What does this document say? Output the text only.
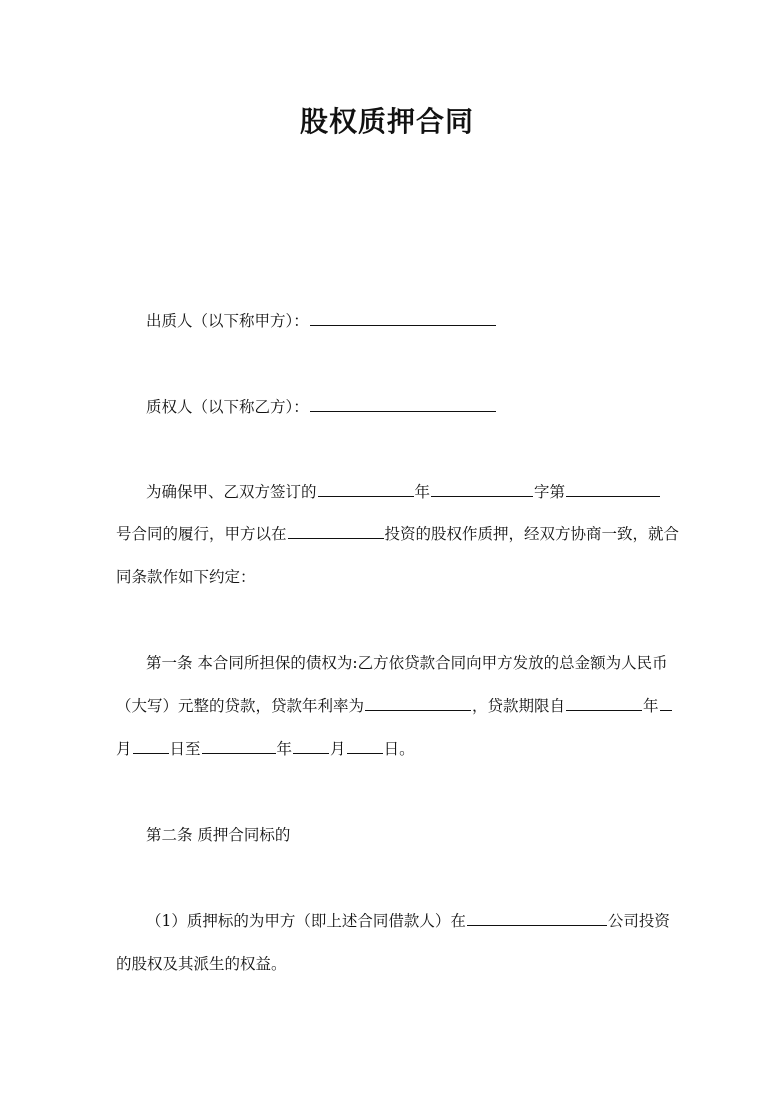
股权质押合同
出质人（以下称甲方）：
质权人（以下称乙方）：
为确保甲、乙双方签订的	年	字第
号合同的履行，甲方以在	投资的股权作质押，经双方协商一致，就合
同条款作如下约定：
第一条 本合同所担保的债权为:乙方依贷款合同向甲方发放的总金额为人民币
（大写）元整的贷款，贷款年利率为	，贷款期限自	年
月 日至	年 月 日。
第二条 质押合同标的
（1）质押标的为甲方（即上述合同借款人）在	公司投资
的股权及其派生的权益。
